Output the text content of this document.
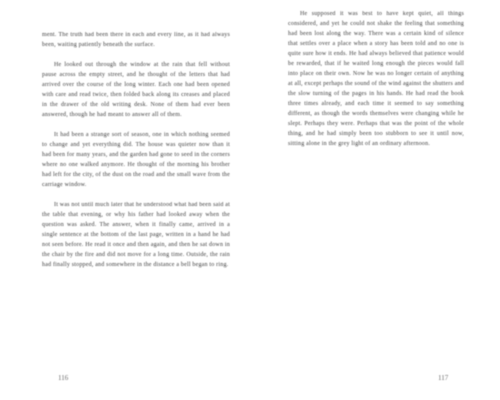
ment. The truth had been there in each and every line, as it had always been, waiting patiently beneath the surface.

He looked out through the window at the rain that fell without pause across the empty street, and he thought of the letters that had arrived over the course of the long winter. Each one had been opened with care and read twice, then folded back along its creases and placed in the drawer of the old writing desk. None of them had ever been answered, though he had meant to answer all of them.

It had been a strange sort of season, one in which nothing seemed to change and yet everything did. The house was quieter now than it had been for many years, and the garden had gone to seed in the corners where no one walked anymore. He thought of the morning his brother had left for the city, of the dust on the road and the small wave from the carriage window.

It was not until much later that he understood what had been said at the table that evening, or why his father had looked away when the question was asked. The answer, when it finally came, arrived in a single sentence at the bottom of the last page, written in a hand he had not seen before. He read it once and then again, and then he sat down in the chair by the fire and did not move for a long time. Outside, the rain had finally stopped, and somewhere in the distance a bell began to ring.

116

He supposed it was best to have kept quiet, all things considered, and yet he could not shake the feeling that something had been lost along the way. There was a certain kind of silence that settles over a place when a story has been told and no one is quite sure how it ends. He had always believed that patience would be rewarded, that if he waited long enough the pieces would fall into place on their own. Now he was no longer certain of anything at all, except perhaps the sound of the wind against the shutters and the slow turning of the pages in his hands. He had read the book three times already, and each time it seemed to say something different, as though the words themselves were changing while he slept. Perhaps they were. Perhaps that was the point of the whole thing, and he had simply been too stubborn to see it until now, sitting alone in the grey light of an ordinary afternoon.

117
